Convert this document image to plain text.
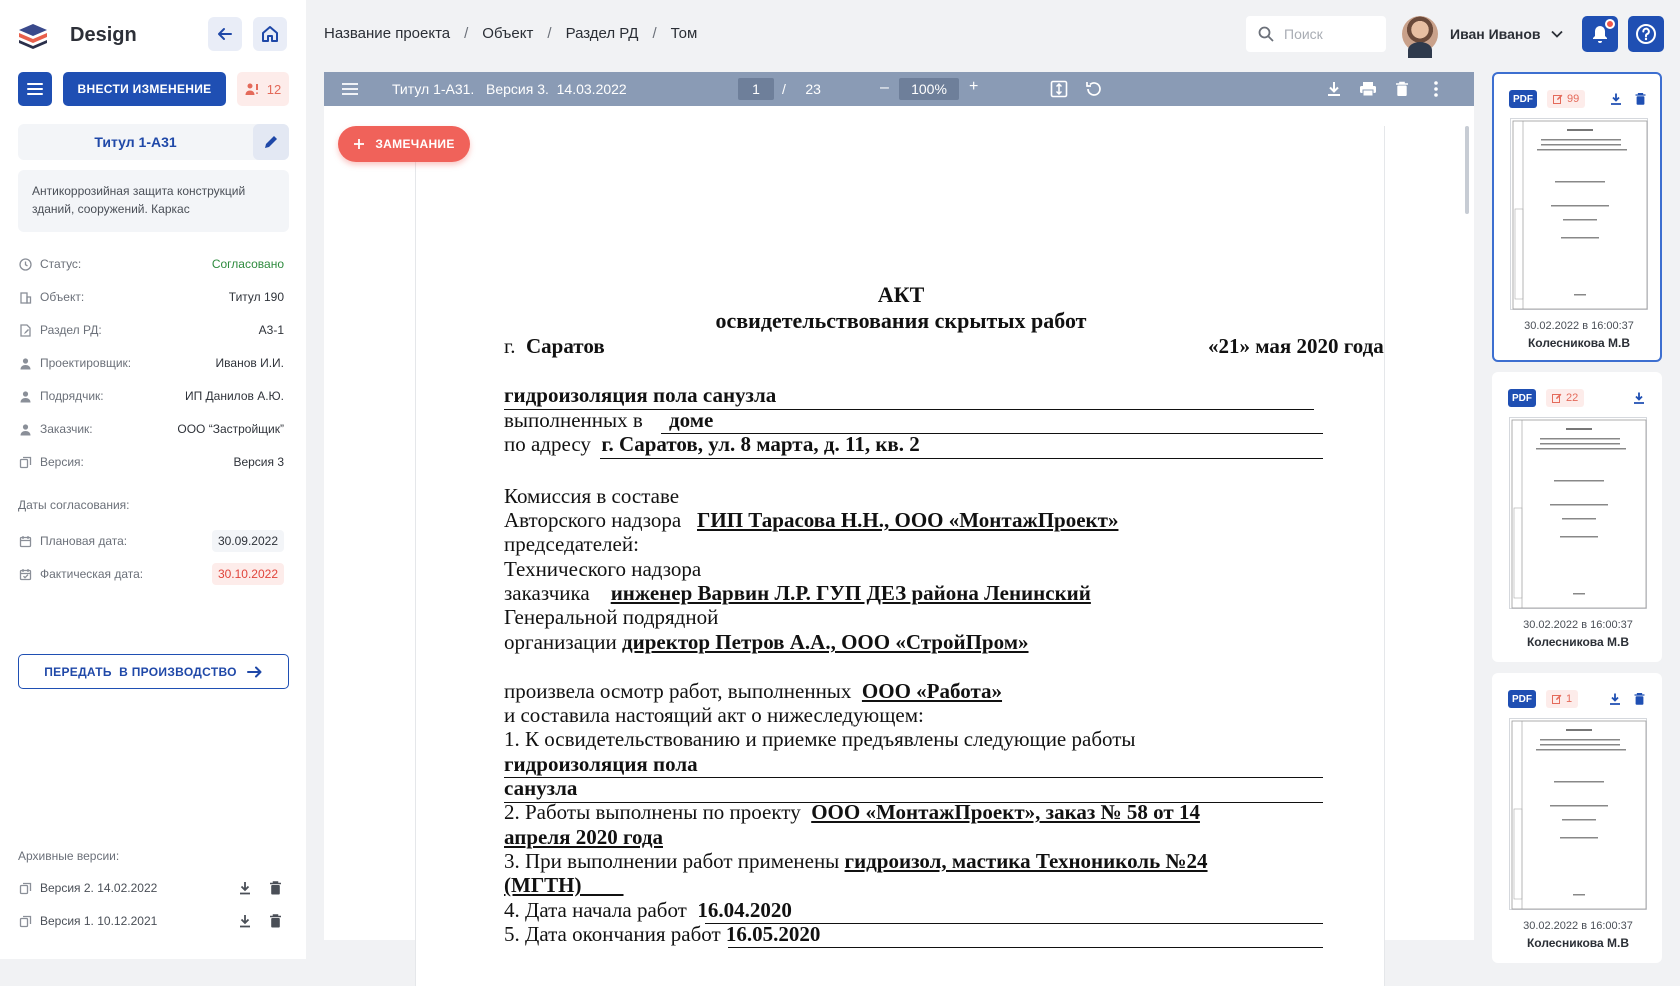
Design
ВНЕСТИ ИЗМЕНЕНИЕ	12
Титул 1-А31
Антикоррозийная защита конструкций зданий, сооружений. Каркас
Статус:	Согласовано
Объект:	Титул 190
Раздел РД:	А3-1
Проектировщик:	Иванов И.И.
Подрядчик:	ИП Данилов А.Ю.
Заказчик:	ООО “Застройщик”
Версия:	Версия 3
Даты согласования:
Плановая дата:	30.09.2022
Фактическая дата:	30.10.2022
ПЕРЕДАТЬ  В ПРОИЗВОДСТВО
Архивные версии:
Версия 2. 14.02.2022
Версия 1. 10.12.2021
Название проекта / Объект / Раздел РД / Том
Поиск	Иван Иванов
Титул 1-А31.   Версия 3.  14.03.2022	1	/     23	–	100%	+
АКТ
освидетельствования скрытых работ
г. Саратов	«21» мая 2020 года
гидроизоляция пола санузла
выполненных в доме
по адресу г. Саратов, ул. 8 марта, д. 11, кв. 2
Комиссия в составе
Авторского надзора ГИП Тарасова Н.Н., ООО «МонтажПроект»
председателей:
Технического надзора
заказчика инженер Варвин Л.Р. ГУП ДЕЗ района Ленинский
Генеральной подрядной
организации директор Петров А.А., ООО «СтройПром»
произвела осмотр работ, выполненных ООО «Работа»
и составила настоящий акт о нижеследующем:
1. К освидетельствованию и приемке предъявлены следующие работы
гидроизоляция пола
санузла
2. Работы выполнены по проекту ООО «МонтажПроект», заказ № 58 от 14
апреля 2020 года
3. При выполнении работ применены гидроизол, мастика Технониколь №24
(МГТН)
4. Дата начала работ 16.04.2020
5. Дата окончания работ 16.05.2020
ЗАМЕЧАНИЕ
PDF	99
30.02.2022 в 16:00:37
Колесникова М.В
PDF	22
30.02.2022 в 16:00:37
Колесникова М.В
PDF	1
30.02.2022 в 16:00:37
Колесникова М.В
